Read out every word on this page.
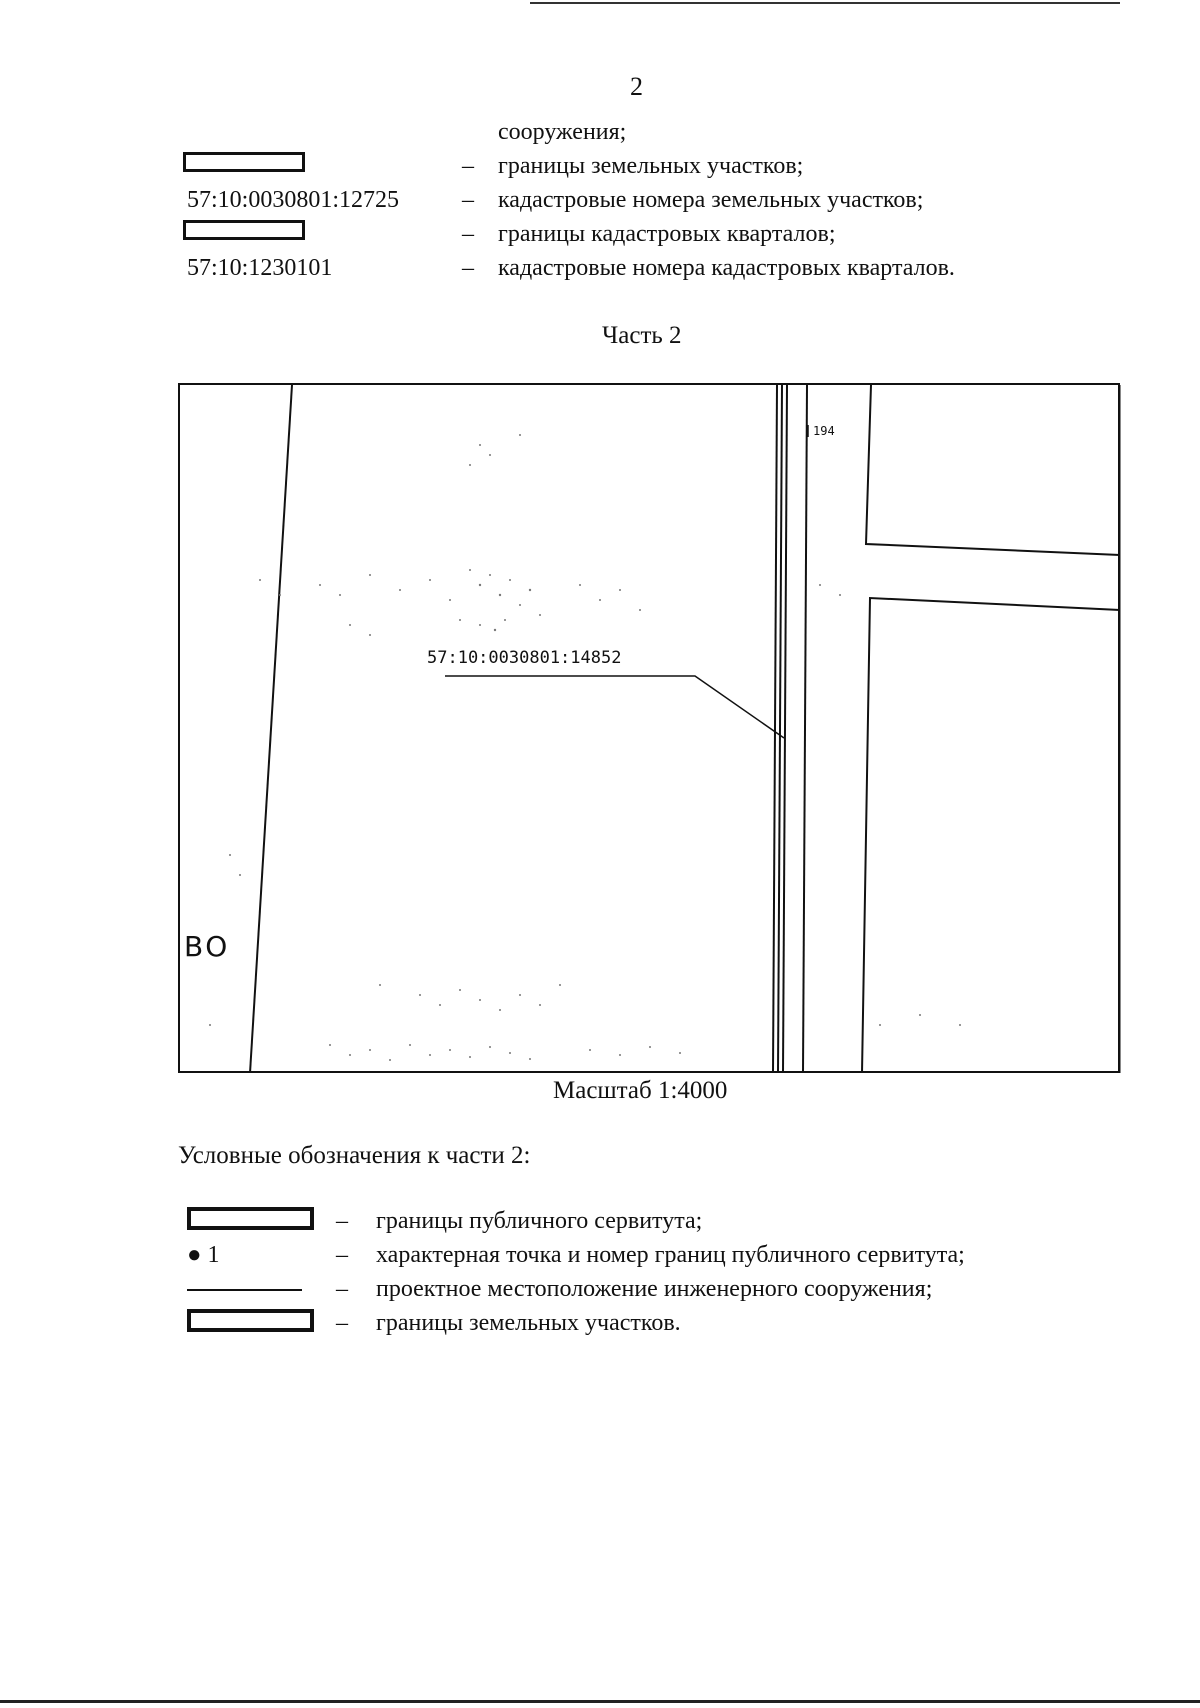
2
сооружения;
– границы земельных участков;
57:10:0030801:12725	– кадастровые номера земельных участков;
– границы кадастровых кварталов;
57:10:1230101	– кадастровые номера кадастровых кварталов.
Часть 2
57:10:0030801:14852
194
ВО
Масштаб 1:4000
Условные обозначения к части 2:
– границы публичного сервитута;
● 1	– характерная точка и номер границ публичного сервитута;
– проектное местоположение инженерного сооружения;
– границы земельных участков.
